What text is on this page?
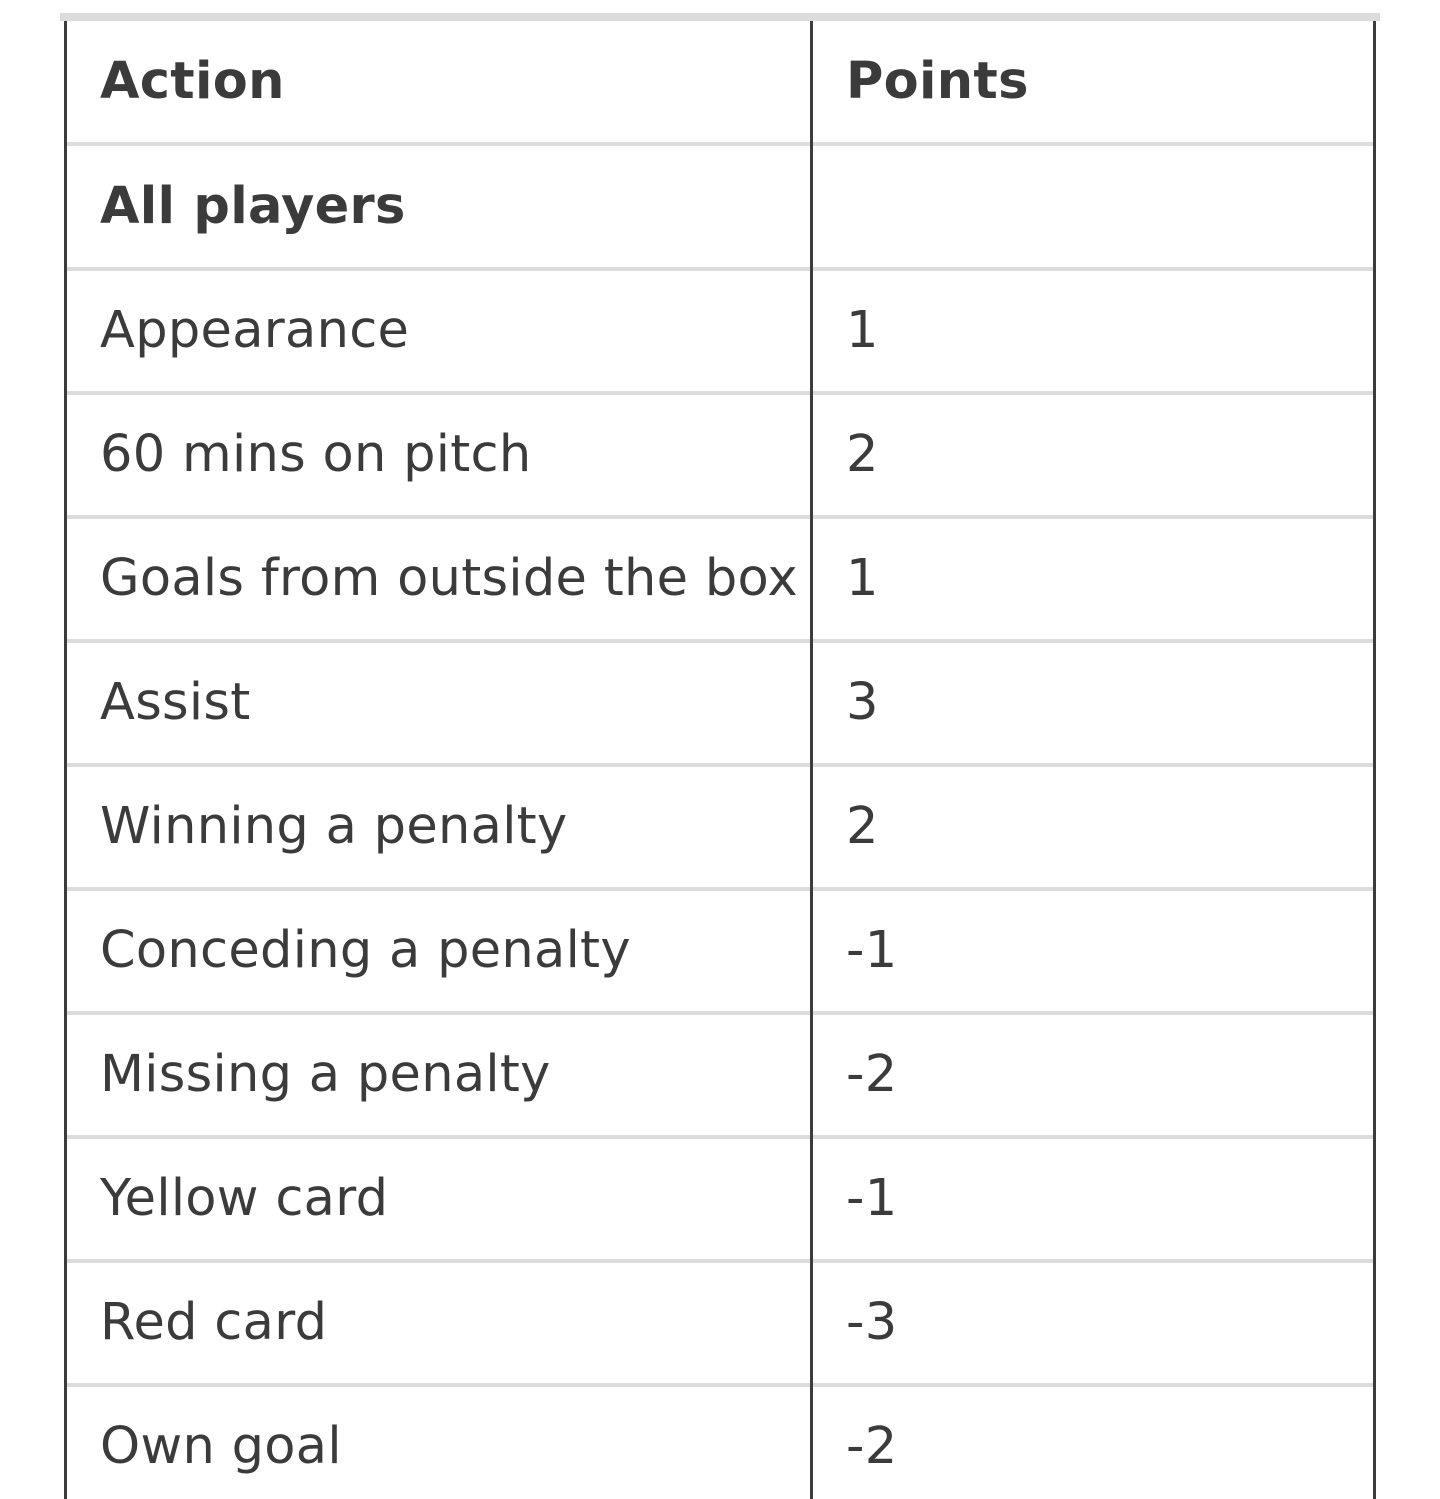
Action	Points
All players
Appearance	1
60 mins on pitch	2
Goals from outside the box 1
Assist	3
Winning a penalty	2
Conceding a penalty	-1
Missing a penalty	-2
Yellow card	-1
Red card	-3
Own goal	-2
